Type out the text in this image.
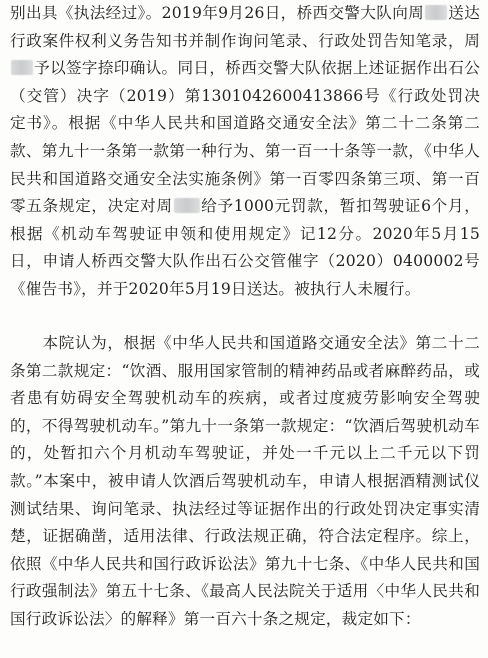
别出具《执法经过》。2019年9月26日，桥西交警大队向周 送达行政案件权利义务告知书并制作询问笔录、行政处罚告知笔录，周予以签字捺印确认。同日，桥西交警大队依据上述证据作出石公（交管）决字（2019）第1301042600413866号《行政处罚决定书》。根据《中华人民共和国道路交通安全法》第二十二条第二款、第九十一条第一款第一种行为、第一百一十条等一款，《中华人民共和国道路交通安全法实施条例》第一百零四条第三项、第一百零五条规定，决定对周 给予1000元罚款，暂扣驾驶证6个月，根据《机动车驾驶证申领和使用规定》记12分。2020年5月15日，申请人桥西交警大队作出石公交管催字（2020）0400002号《催告书》，并于2020年5月19日送达。被执行人未履行。

　　本院认为，根据《中华人民共和国道路交通安全法》第二十二条第二款规定：“饮酒、服用国家管制的精神药品或者麻醉药品，或者患有妨碍安全驾驶机动车的疾病，或者过度疲劳影响安全驾驶的，不得驾驶机动车。”第九十一条第一款规定：“饮酒后驾驶机动车的，处暂扣六个月机动车驾驶证，并处一千元以上二千元以下罚款。”本案中，被申请人饮酒后驾驶机动车，申请人根据酒精测试仪测试结果、询问笔录、执法经过等证据作出的行政处罚决定事实清楚，证据确凿，适用法律、行政法规正确，符合法定程序。综上，依照《中华人民共和国行政诉讼法》第九十七条、《中华人民共和国行政强制法》第五十七条、《最高人民法院关于适用〈中华人民共和国行政诉讼法〉的解释》第一百六十条之规定，裁定如下：
